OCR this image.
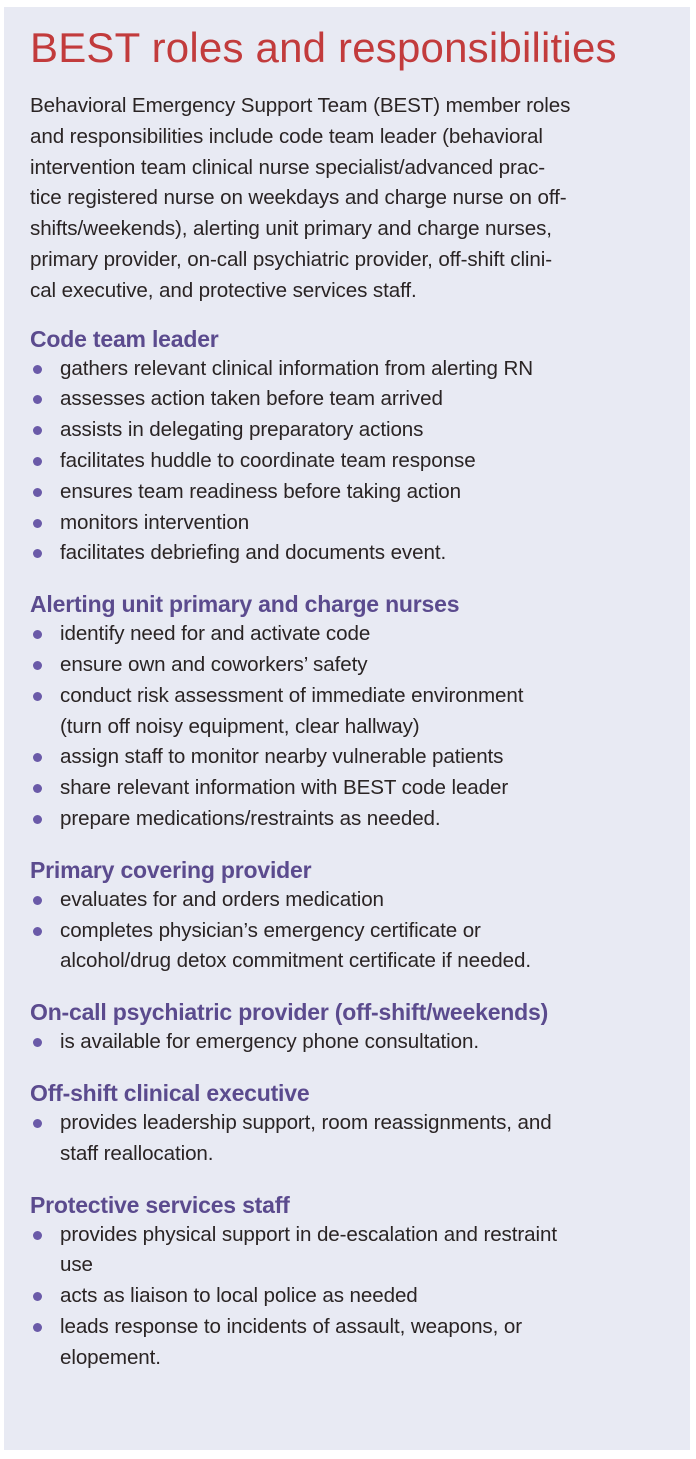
BEST roles and responsibilities

Behavioral Emergency Support Team (BEST) member roles
and responsibilities include code team leader (behavioral
intervention team clinical nurse specialist/advanced prac-
tice registered nurse on weekdays and charge nurse on off-
shifts/weekends), alerting unit primary and charge nurses,
primary provider, on-call psychiatric provider, off-shift clini-
cal executive, and protective services staff.

Code team leader
gathers relevant clinical information from alerting RN
assesses action taken before team arrived
assists in delegating preparatory actions
facilitates huddle to coordinate team response
ensures team readiness before taking action
monitors intervention
facilitates debriefing and documents event.
Alerting unit primary and charge nurses
identify need for and activate code
ensure own and coworkers’ safety
conduct risk assessment of immediate environment
(turn off noisy equipment, clear hallway)
assign staff to monitor nearby vulnerable patients
share relevant information with BEST code leader
prepare medications/restraints as needed.
Primary covering provider
evaluates for and orders medication
completes physician’s emergency certificate or
alcohol/drug detox commitment certificate if needed.
On-call psychiatric provider (off-shift/weekends)
is available for emergency phone consultation.
Off-shift clinical executive
provides leadership support, room reassignments, and
staff reallocation.
Protective services staff
provides physical support in de-escalation and restraint
use
acts as liaison to local police as needed
leads response to incidents of assault, weapons, or
elopement.
